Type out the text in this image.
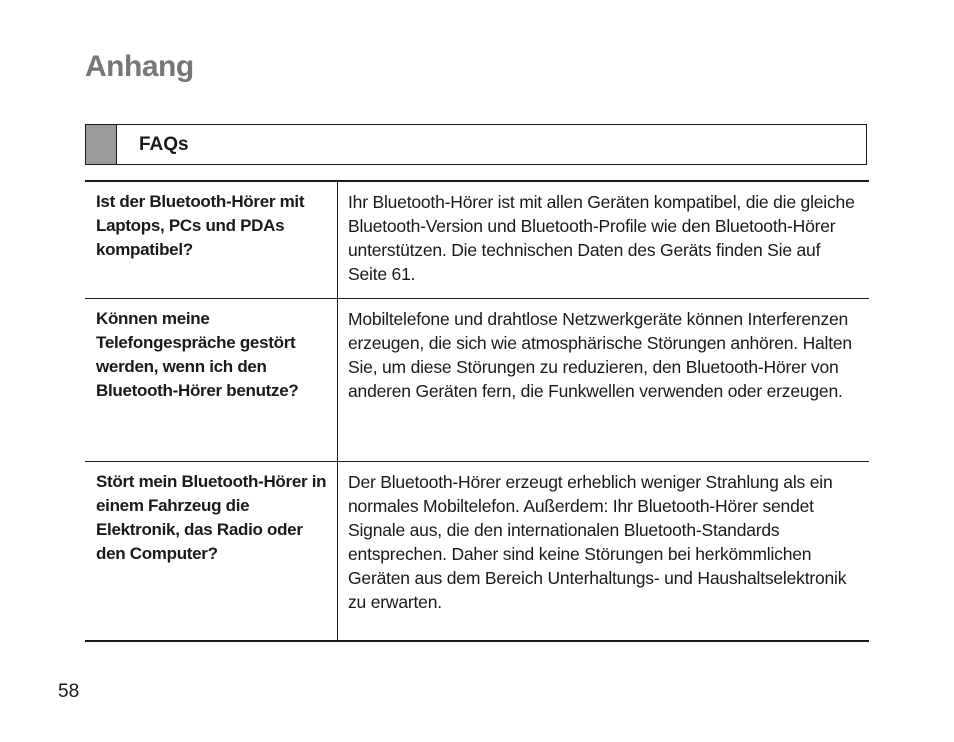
Anhang
FAQs
Ist der Bluetooth-Hörer mit Laptops, PCs und PDAs kompatibel?
Ihr Bluetooth-Hörer ist mit allen Geräten kompatibel, die die gleiche Bluetooth-Version und Bluetooth-Profile wie den Bluetooth-Hörer unterstützen. Die technischen Daten des Geräts finden Sie auf Seite 61.
Können meine Telefongespräche gestört werden, wenn ich den Bluetooth-Hörer benutze?
Mobiltelefone und drahtlose Netzwerkgeräte können Interferenzen erzeugen, die sich wie atmosphärische Störungen anhören. Halten Sie, um diese Störungen zu reduzieren, den Bluetooth-Hörer von anderen Geräten fern, die Funkwellen verwenden oder erzeugen.
Stört mein Bluetooth-Hörer in einem Fahrzeug die Elektronik, das Radio oder den Computer?
Der Bluetooth-Hörer erzeugt erheblich weniger Strahlung als ein normales Mobiltelefon. Außerdem: Ihr Bluetooth-Hörer sendet Signale aus, die den internationalen Bluetooth-Standards entsprechen. Daher sind keine Störungen bei herkömmlichen Geräten aus dem Bereich Unterhaltungs- und Haushaltselektronik zu erwarten.
58
